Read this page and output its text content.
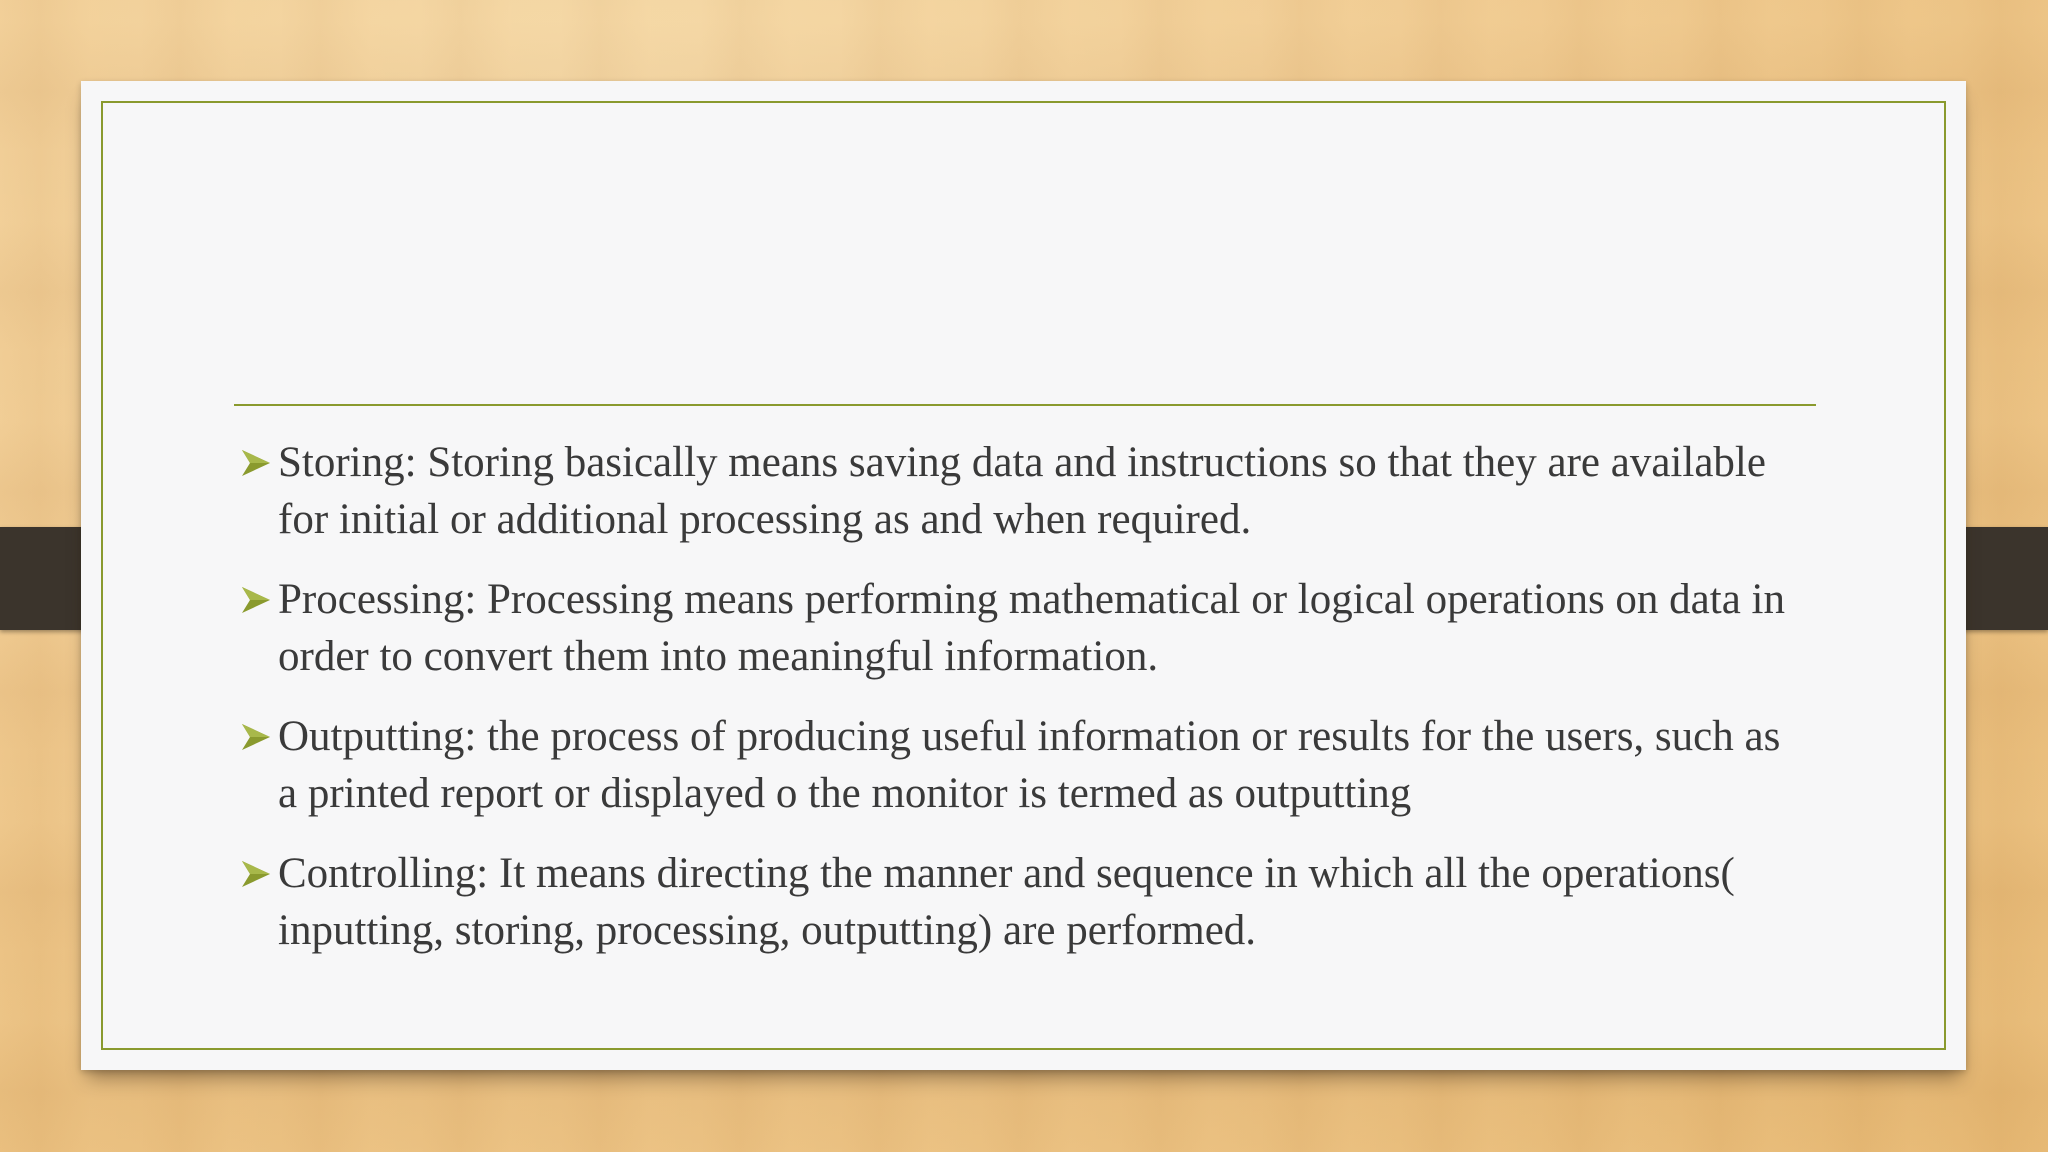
Storing: Storing basically means saving data and instructions so that they are available for initial or additional processing as and when required.
Processing: Processing means performing mathematical or logical operations on data in order to convert them into meaningful information.
Outputting: the process of producing useful information or results for the users, such as a printed report or displayed o the monitor is termed as outputting
Controlling: It means directing the manner and sequence in which all the operations( inputting, storing, processing, outputting) are performed.
